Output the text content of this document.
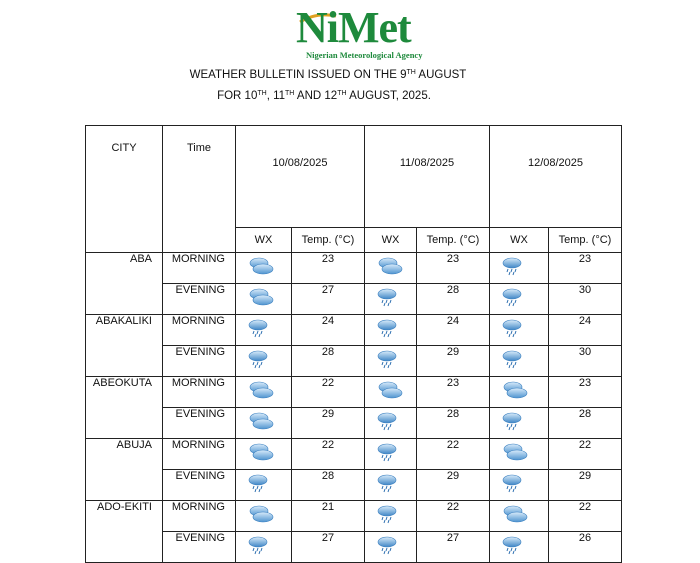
NiMet
Nigerian Meteorological Agency
WEATHER BULLETIN ISSUED ON THE 9TH AUGUST
FOR 10TH, 11TH AND 12TH AUGUST, 2025.
CITY	Time	10/08/2025		11/08/2025		12/08/2025	
		WX	Temp. (°C)	WX	Temp. (°C)	WX	Temp. (°C)
ABA	MORNING		23		23		23
	EVENING		27		28		30
ABAKALIKI	MORNING		24		24		24
	EVENING		28		29		30
ABEOKUTA	MORNING		22		23		23
	EVENING		29		28		28
ABUJA	MORNING		22		22		22
	EVENING		28		29		29
ADO-EKITI	MORNING		21		22		22
	EVENING		27		27		26
